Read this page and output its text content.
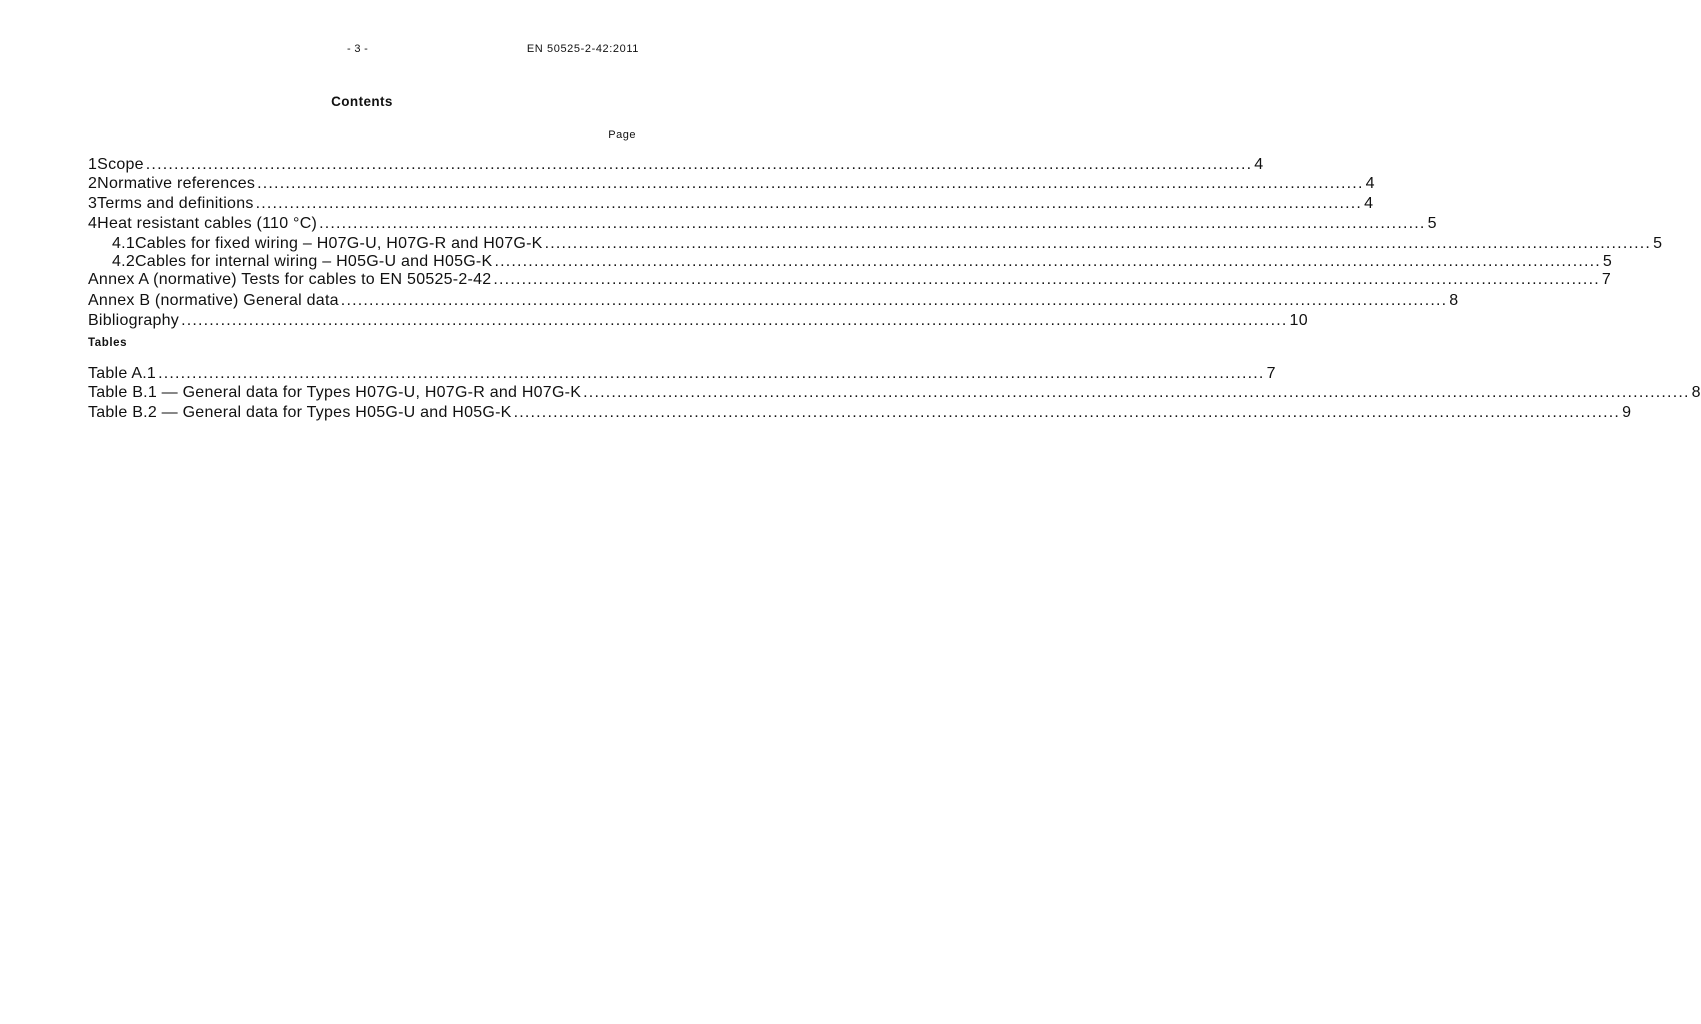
- 3 -	EN 50525-2-42:2011
Contents
Page
1 Scope .................................................................................................................................................................................................... 4
2 Normative references .................................................................................................................................................................................................... 4
3 Terms and definitions .................................................................................................................................................................................................... 4
4 Heat resistant cables (110 °C) .................................................................................................................................................................................................... 5
4.1 Cables for fixed wiring – H07G-U, H07G-R and H07G-K .................................................................................................................................................................................................... 5
4.2 Cables for internal wiring – H05G-U and H05G-K .................................................................................................................................................................................................... 5
Annex A (normative) Tests for cables to EN 50525-2-42 .................................................................................................................................................................................................... 7
Annex B (normative) General data .................................................................................................................................................................................................... 8
Bibliography .................................................................................................................................................................................................... 10
Tables
Table A.1 .................................................................................................................................................................................................... 7
Table B.1 — General data for Types H07G-U, H07G-R and H07G-K .................................................................................................................................................................................................... 8
Table B.2 — General data for Types H05G-U and H05G-K .................................................................................................................................................................................................... 9
